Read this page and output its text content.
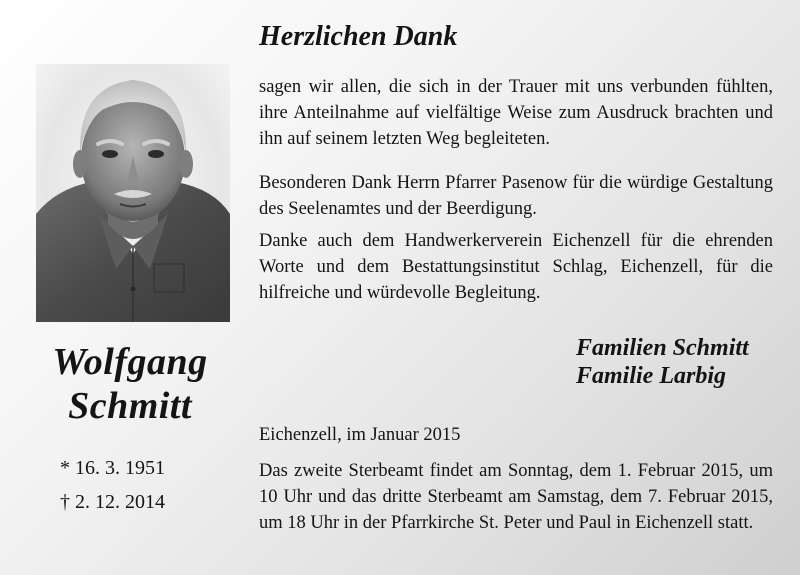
Wolfgang
Schmitt
* 16. 3. 1951
† 2. 12. 2014
Herzlichen Dank
sagen wir allen, die sich in der Trauer mit uns verbunden fühlten, ihre Anteilnahme auf vielfältige Weise zum Ausdruck brachten und ihn auf seinem letzten Weg begleiteten.
Besonderen Dank Herrn Pfarrer Pasenow für die würdige Gestaltung des Seelenamtes und der Beerdigung.
Danke auch dem Handwerkerverein Eichenzell für die ehrenden Worte und dem Bestattungsinstitut Schlag, Eichenzell, für die hilfreiche und würdevolle Begleitung.
Familien Schmitt
Familie Larbig
Eichenzell, im Januar 2015
Das zweite Sterbeamt findet am Sonntag, dem 1. Februar 2015, um 10 Uhr und das dritte Sterbeamt am Samstag, dem 7. Februar 2015, um 18 Uhr in der Pfarrkirche St. Peter und Paul in Eichenzell statt.
